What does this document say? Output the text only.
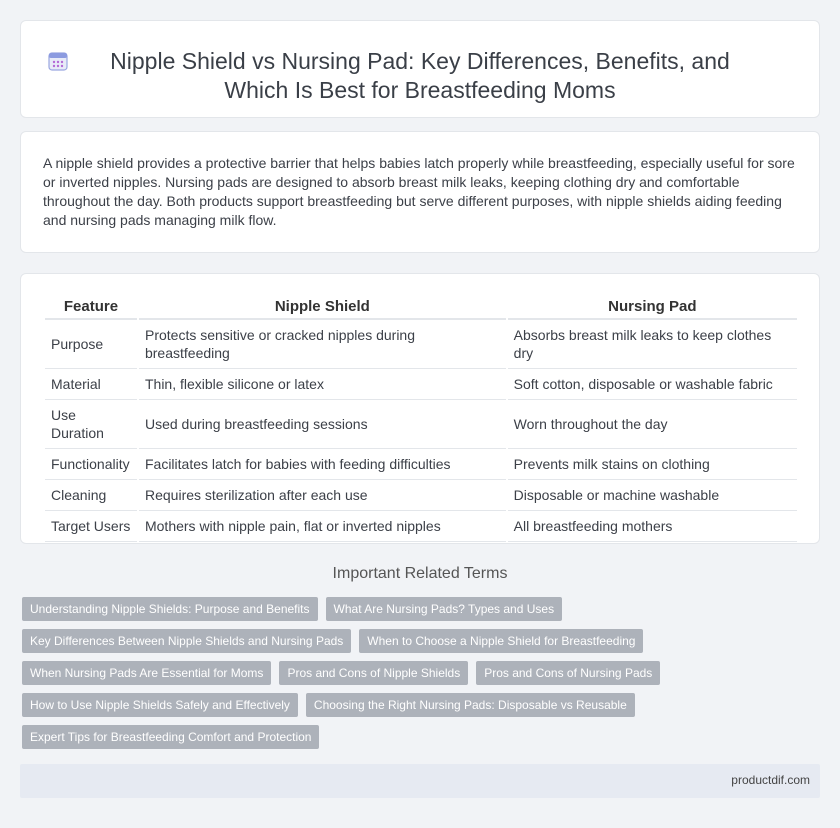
Nipple Shield vs Nursing Pad: Key Differences, Benefits, and Which Is Best for Breastfeeding Moms

A nipple shield provides a protective barrier that helps babies latch properly while breastfeeding, especially useful for sore or inverted nipples. Nursing pads are designed to absorb breast milk leaks, keeping clothing dry and comfortable throughout the day. Both products support breastfeeding but serve different purposes, with nipple shields aiding feeding and nursing pads managing milk flow.

Feature	Nipple Shield	Nursing Pad
Purpose	Protects sensitive or cracked nipples during breastfeeding	Absorbs breast milk leaks to keep clothes dry
Material	Thin, flexible silicone or latex	Soft cotton, disposable or washable fabric
Use Duration	Used during breastfeeding sessions	Worn throughout the day
Functionality	Facilitates latch for babies with feeding difficulties	Prevents milk stains on clothing
Cleaning	Requires sterilization after each use	Disposable or machine washable
Target Users	Mothers with nipple pain, flat or inverted nipples	All breastfeeding mothers
Important Related Terms
Understanding Nipple Shields: Purpose and Benefits	What Are Nursing Pads? Types and Uses
Key Differences Between Nipple Shields and Nursing Pads	When to Choose a Nipple Shield for Breastfeeding
When Nursing Pads Are Essential for Moms	Pros and Cons of Nipple Shields	Pros and Cons of Nursing Pads
How to Use Nipple Shields Safely and Effectively	Choosing the Right Nursing Pads: Disposable vs Reusable
Expert Tips for Breastfeeding Comfort and Protection
productdif.com
